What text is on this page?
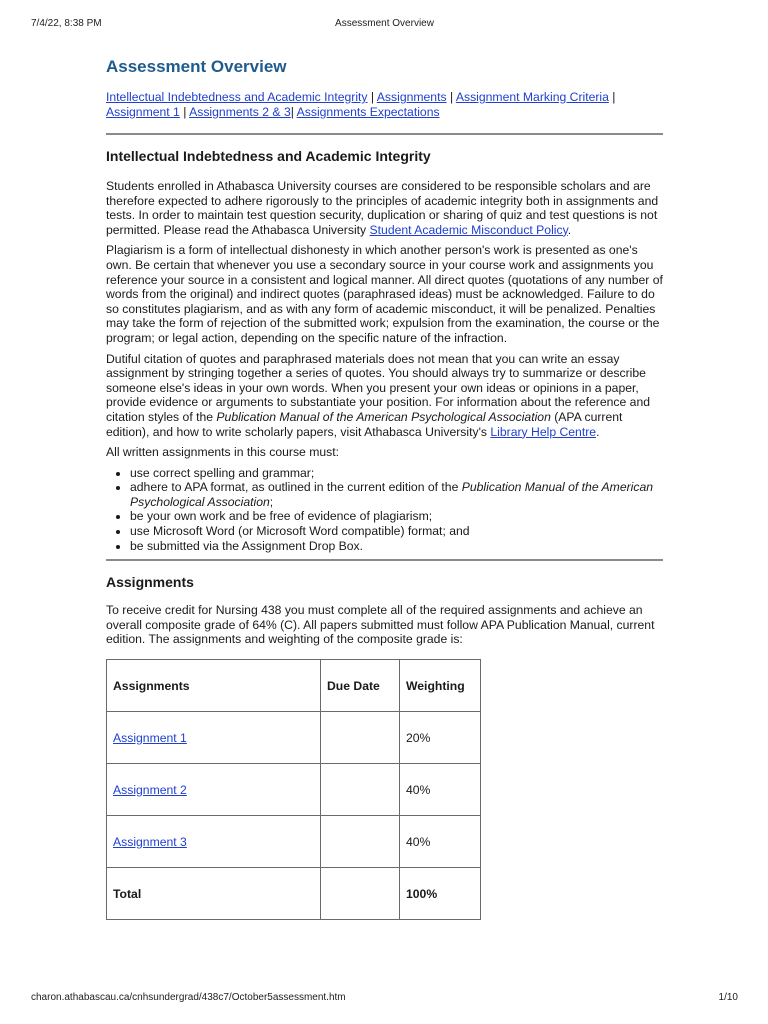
7/4/22, 8:38 PM	Assessment Overview
Assessment Overview
Intellectual Indebtedness and Academic Integrity | Assignments | Assignment Marking Criteria |
Assignment 1 | Assignments 2 & 3| Assignments Expectations
Intellectual Indebtedness and Academic Integrity

Students enrolled in Athabasca University courses are considered to be responsible scholars and are therefore expected to adhere rigorously to the principles of academic integrity both in assignments and tests. In order to maintain test question security, duplication or sharing of quiz and test questions is not permitted. Please read the Athabasca University Student Academic Misconduct Policy.

Plagiarism is a form of intellectual dishonesty in which another person's work is presented as one's own. Be certain that whenever you use a secondary source in your course work and assignments you reference your source in a consistent and logical manner. All direct quotes (quotations of any number of words from the original) and indirect quotes (paraphrased ideas) must be acknowledged. Failure to do so constitutes plagiarism, and as with any form of academic misconduct, it will be penalized. Penalties may take the form of rejection of the submitted work; expulsion from the examination, the course or the program; or legal action, depending on the specific nature of the infraction.

Dutiful citation of quotes and paraphrased materials does not mean that you can write an essay assignment by stringing together a series of quotes. You should always try to summarize or describe someone else's ideas in your own words. When you present your own ideas or opinions in a paper, provide evidence or arguments to substantiate your position. For information about the reference and citation styles of the Publication Manual of the American Psychological Association (APA current edition), and how to write scholarly papers, visit Athabasca University's Library Help Centre.

All written assignments in this course must:

• use correct spelling and grammar;
• adhere to APA format, as outlined in the current edition of the Publication Manual of the American Psychological Association;
• be your own work and be free of evidence of plagiarism;
• use Microsoft Word (or Microsoft Word compatible) format; and
• be submitted via the Assignment Drop Box.
Assignments

To receive credit for Nursing 438 you must complete all of the required assignments and achieve an overall composite grade of 64% (C). All papers submitted must follow APA Publication Manual, current edition. The assignments and weighting of the composite grade is:

Assignments	Due Date	Weighting
Assignment 1		20%
Assignment 2		40%
Assignment 3		40%
Total		100%
charon.athabascau.ca/cnhsundergrad/438c7/October5assessment.htm	1/10
